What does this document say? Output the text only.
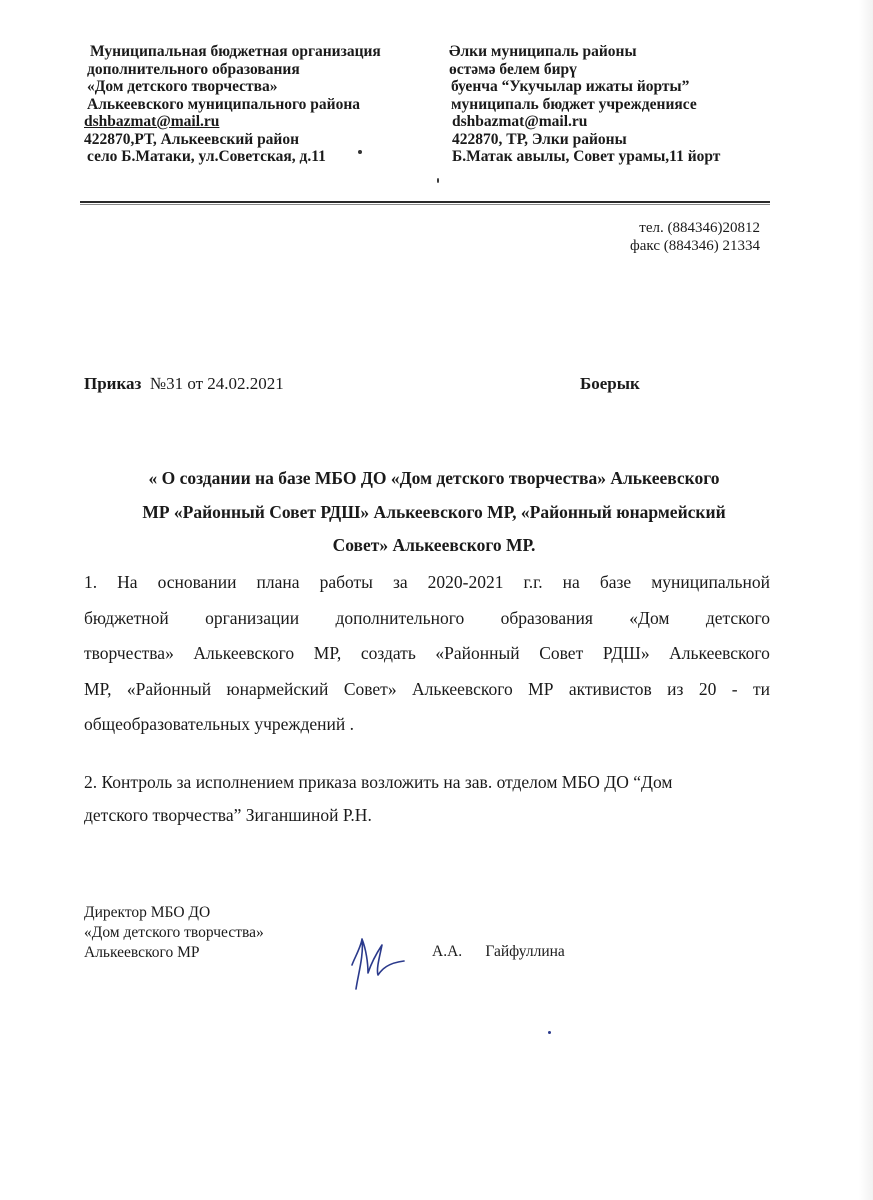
Муниципальная бюджетная организация
дополнительного образования
«Дом детского творчества»
Алькеевского муниципального района
dshbazmat@mail.ru
422870,РТ, Алькеевский район
село Б.Матаки, ул.Советская, д.11
Әлки муниципаль районы
өстәмә белем бирү
буенча “Укучылар ижаты йорты”
муниципаль бюджет учреждениясе
dshbazmat@mail.ru
422870, ТР, Элки районы
Б.Матак авылы, Совет урамы,11 йорт
тел. (884346)20812
факс (884346) 21334
Приказ №31 от 24.02.2021	Боерык
« О создании на базе МБО ДО «Дом детского творчества» Алькеевского
МР «Районный Совет РДШ» Алькеевского МР, «Районный юнармейский
Совет» Алькеевского МР.
1. На основании плана работы за 2020-2021 г.г. на базе муниципальной
бюджетной организации дополнительного образования «Дом детского
творчества» Алькеевского МР, создать «Районный Совет РДШ» Алькеевского
МР, «Районный юнармейский Совет» Алькеевского МР активистов из 20 - ти
общеобразовательных учреждений .
2. Контроль за исполнением приказа возложить на зав. отделом МБО ДО “Дом
детского творчества” Зиганшиной Р.Н.
Директор МБО ДО
«Дом детского творчества»
Алькеевского МР	А.А. Гайфуллина
